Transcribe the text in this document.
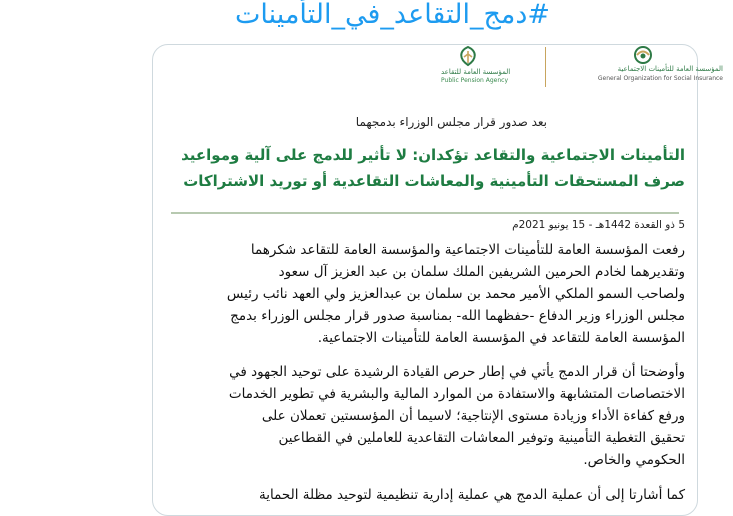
#دمج_التقاعد_في_التأمينات
المؤسسة العامة للتأمينات الاجتماعية
General Organization for Social Insurance
المؤسسة العامة للتقاعد
Public Pension Agency
بعد صدور قرار مجلس الوزراء بدمجهما
التأمينات الاجتماعية والتقاعد تؤكدان: لا تأثير للدمج على آلية ومواعيد
صرف المستحقات التأمينية والمعاشات التقاعدية أو توريد الاشتراكات
5 ذو القعدة 1442هـ - 15 يونيو 2021م
رفعت المؤسسة العامة للتأمينات الاجتماعية والمؤسسة العامة للتقاعد شكرهما
وتقديرهما لخادم الحرمين الشريفين الملك سلمان بن عبد العزيز آل سعود
ولصاحب السمو الملكي الأمير محمد بن سلمان بن عبدالعزيز ولي العهد نائب رئيس
مجلس الوزراء وزير الدفاع -حفظهما الله- بمناسبة صدور قرار مجلس الوزراء بدمج
المؤسسة العامة للتقاعد في المؤسسة العامة للتأمينات الاجتماعية.
وأوضحتا أن قرار الدمج يأتي في إطار حرص القيادة الرشيدة على توحيد الجهود في
الاختصاصات المتشابهة والاستفادة من الموارد المالية والبشرية في تطوير الخدمات
ورفع كفاءة الأداء وزيادة مستوى الإنتاجية؛ لاسيما أن المؤسستين تعملان على
تحقيق التغطية التأمينية وتوفير المعاشات التقاعدية للعاملين في القطاعين
الحكومي والخاص.
كما أشارتا إلى أن عملية الدمج هي عملية إدارية تنظيمية لتوحيد مظلة الحماية
